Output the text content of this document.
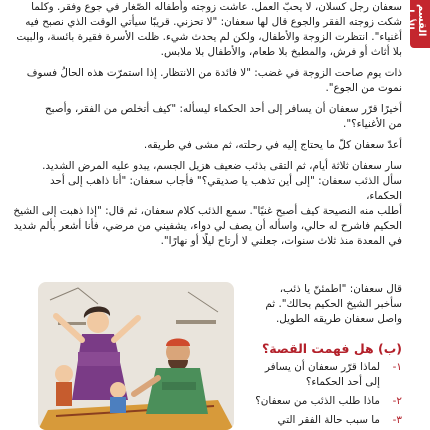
القسم الأول

سعفان رجل كسلان، لا يحبّ العمل. عاشت زوجته وأطفاله الصّغار في جوع وفقر. وكلما

شكت زوجته الفقر والجوع قال لها سعفان: "لا تحزني. قريبًا سيأتي الوقت الذي نصبح فيه

أغنياء". انتظرت الزوجة والأطفال، ولكن لم يحدث شيء. ظلت الأسرة فقيرة بائسة، والبيت

بلا أثاث أو فرش، والمطبخ بلا طعام، والأطفال بلا ملابس.

ذات يوم صاحت الزوجة في غضب: "لا فائدة من الانتظار. إذا استمرّت هذه الحالُ فسوف

نموت من الجوع".

أخيرًا قرّر سعفان أن يسافر إلى أحد الحكماء ليسأله: "كيف أتخلص من الفقر، وأصبح

من الأغنياء؟".

أعدّ سعفان كلّ ما يحتاج إليه في رحلته، ثم مشى في طريقه.

سار سعفان ثلاثة أيام، ثم التقى بذئب ضعيف هزيل الجسم، يبدو عليه المرض الشديد.

سأل الذئب سعفان: "إلى أين تذهب يا صديقي؟" فأجاب سعفان: "أنا ذاهب إلى أحد الحكماء،

أطلب منه النصيحة كيف أصبح غنيًا". سمع الذئب كلام سعفان، ثم قال: "إذا ذهبت إلى الشيخ

الحكيم فاشرح له حالي، واسأله أن يصف لي دواء، يشفيني من مرضي، فأنا أشعر بألم شديد

في المعدة منذ ثلاث سنوات، جعلني لا أرتاح ليلًا أو نهارًا".

قال سعفان: "اطمئنّ يا ذئب،

سأخبر الشيخ الحكيم بحالك". ثم

واصل سعفان طريقه الطويل.

(ب) هل فهمت القصة؟
١-
لماذا قرّر سعفان أن يسافر إلى أحد الحكماء؟
٢-
ماذا طلب الذئب من سعفان؟
٣-
ما سبب حالة الفقر التي
